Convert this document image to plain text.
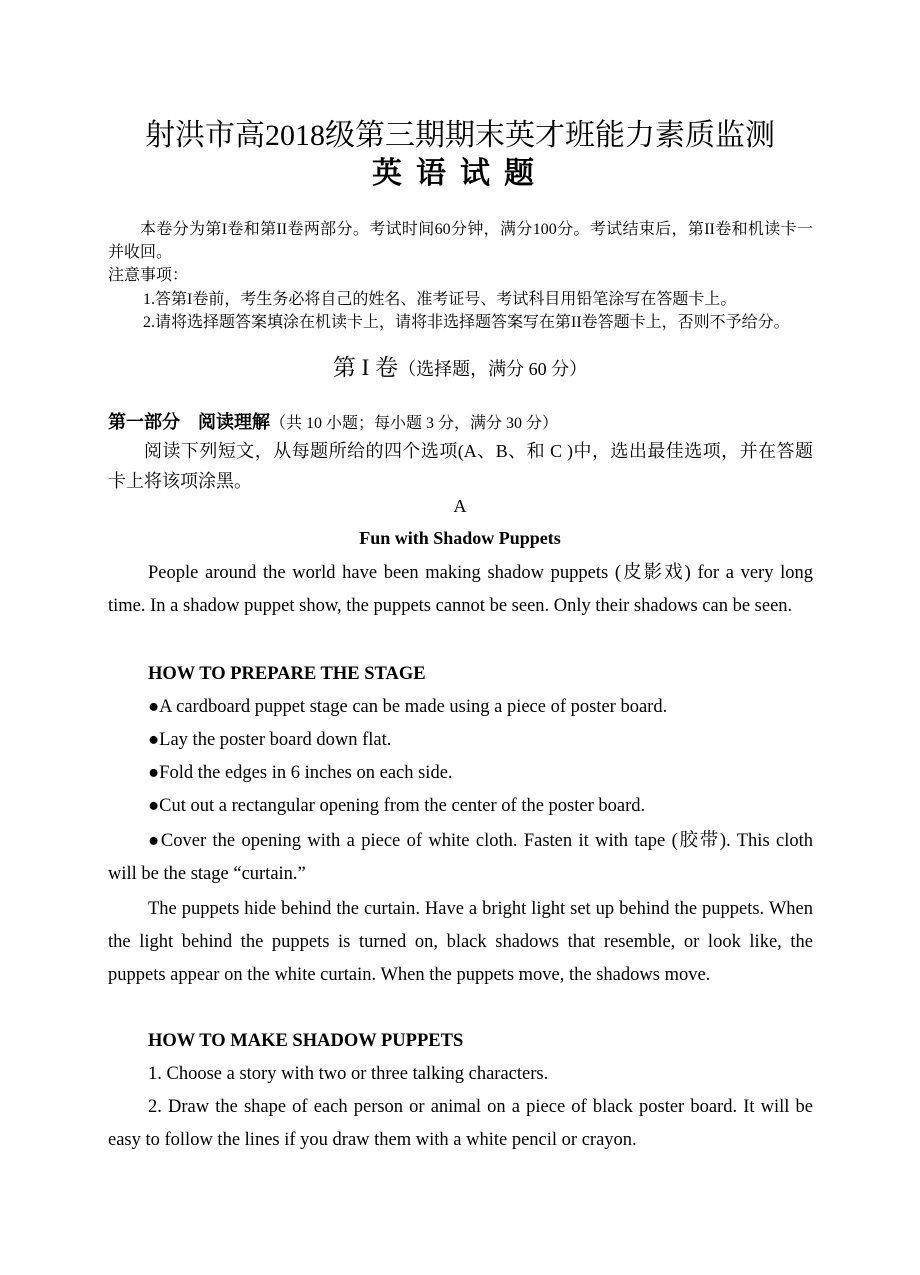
射洪市高2018级第三期期末英才班能力素质监测
英语试题
本卷分为第I卷和第II卷两部分。考试时间60分钟，满分100分。考试结束后，第II卷和机读卡一并收回。
注意事项：
1.答第I卷前，考生务必将自己的姓名、准考证号、考试科目用铅笔涂写在答题卡上。
2.请将选择题答案填涂在机读卡上，请将非选择题答案写在第II卷答题卡上，否则不予给分。
第 I 卷（选择题，满分 60 分）
第一部分　阅读理解（共 10 小题；每小题 3 分，满分 30 分）
阅读下列短文，从每题所给的四个选项(A、B、和 C )中，选出最佳选项，并在答题卡上将该项涂黑。
A
Fun with Shadow Puppets
People around the world have been making shadow puppets (皮影戏) for a very long time. In a shadow puppet show, the puppets cannot be seen. Only their shadows can be seen.
HOW TO PREPARE THE STAGE
●A cardboard puppet stage can be made using a piece of poster board.
●Lay the poster board down flat.
●Fold the edges in 6 inches on each side.
●Cut out a rectangular opening from the center of the poster board.
●Cover the opening with a piece of white cloth. Fasten it with tape (胶带). This cloth will be the stage “curtain.”
The puppets hide behind the curtain. Have a bright light set up behind the puppets. When the light behind the puppets is turned on, black shadows that resemble, or look like, the puppets appear on the white curtain. When the puppets move, the shadows move.
HOW TO MAKE SHADOW PUPPETS
1. Choose a story with two or three talking characters.
2. Draw the shape of each person or animal on a piece of black poster board. It will be easy to follow the lines if you draw them with a white pencil or crayon.
